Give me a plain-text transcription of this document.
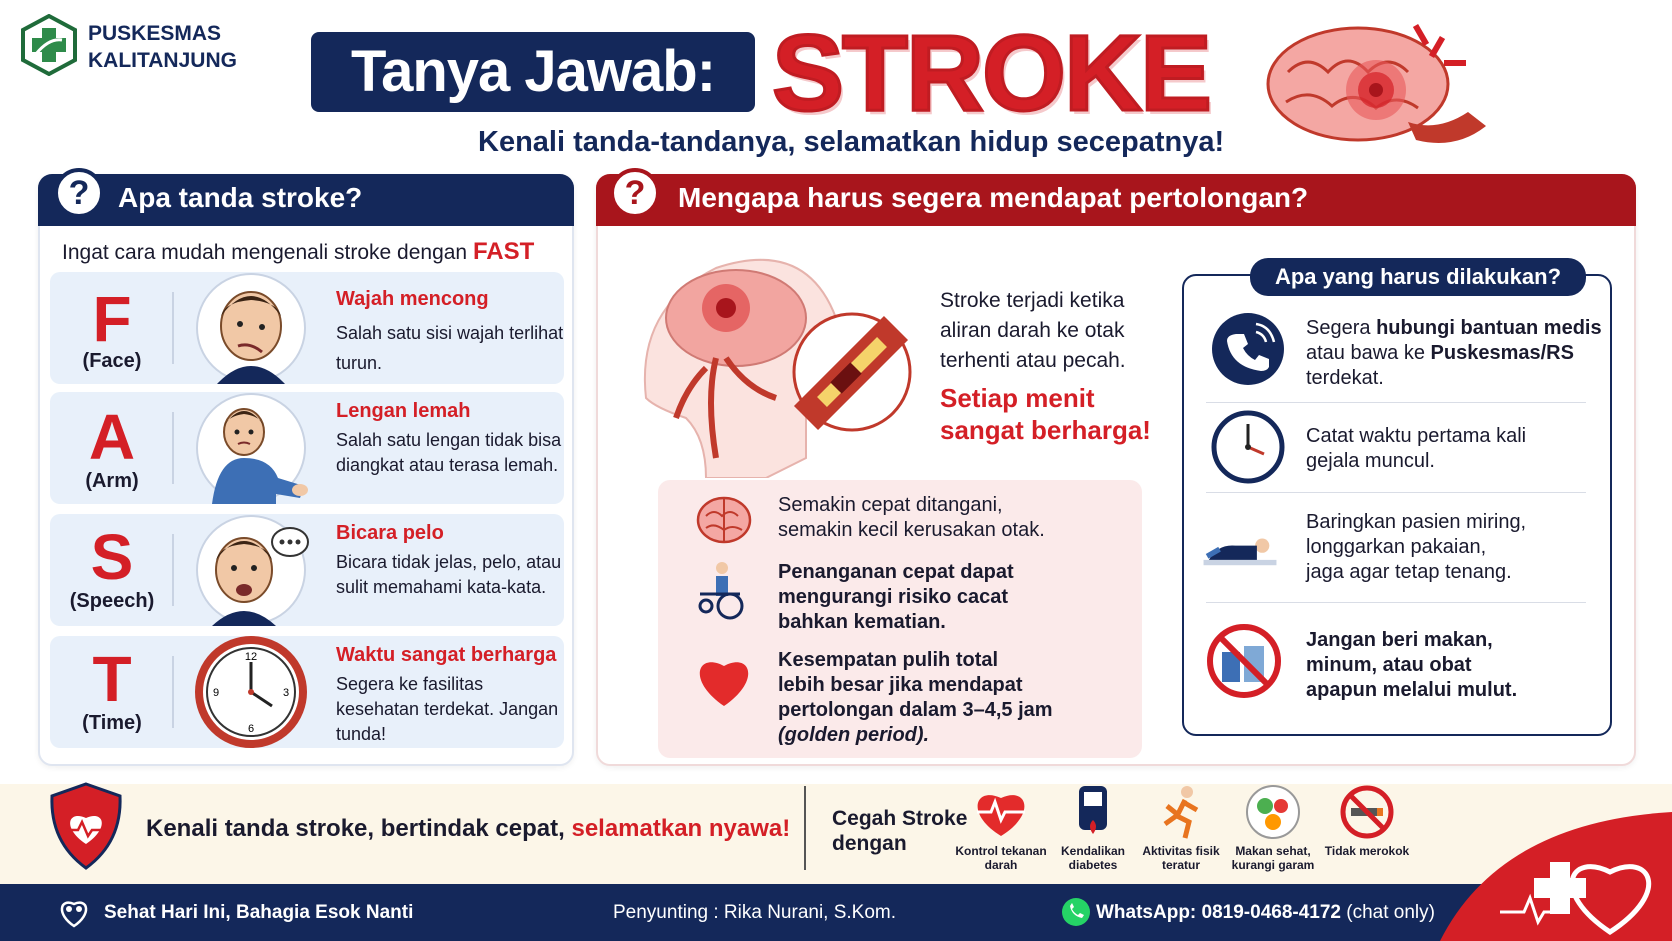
PUSKESMAS
KALITANJUNG	Tanya Jawab: STROKE
Kenali tanda-tandanya, selamatkan hidup secepatnya!
?	Apa tanda stroke?
Ingat cara mudah mengenali stroke dengan FAST
F
(Face)
Wajah mencong
Salah satu sisi wajah terlihat turun.
A
(Arm)
Lengan lemah
Salah satu lengan tidak bisa diangkat atau terasa lemah.
S
(Speech)
Bicara pelo
Bicara tidak jelas, pelo, atau sulit memahami kata-kata.
T
(Time)
12
3
6
9
Waktu sangat berharga
Segera ke fasilitas kesehatan terdekat. Jangan tunda!
?	Mengapa harus segera mendapat pertolongan?
Stroke terjadi ketika
aliran darah ke otak
terhenti atau pecah.
Setiap menit
sangat berharga!
Semakin cepat ditangani,
semakin kecil kerusakan otak.
Penanganan cepat dapat
mengurangi risiko cacat
bahkan kematian.
Kesempatan pulih total
lebih besar jika mendapat
pertolongan dalam 3–4,5 jam
(golden period).
Apa yang harus dilakukan?
Segera hubungi bantuan medis
atau bawa ke Puskesmas/RS
terdekat.
Catat waktu pertama kali
gejala muncul.
Baringkan pasien miring,
longgarkan pakaian,
jaga agar tetap tenang.
Jangan beri makan,
minum, atau obat
apapun melalui mulut.
Kenali tanda stroke, bertindak cepat, selamatkan nyawa! Cegah Stroke
dengan	Kontrol tekanan
darah
Kendalikan
diabetes
Aktivitas fisik
teratur
Makan sehat,
kurangi garam
Tidak merokok
Sehat Hari Ini, Bahagia Esok Nanti	Penyunting : Rika Nurani, S.Kom.	WhatsApp: 0819-0468-4172 (chat only)
